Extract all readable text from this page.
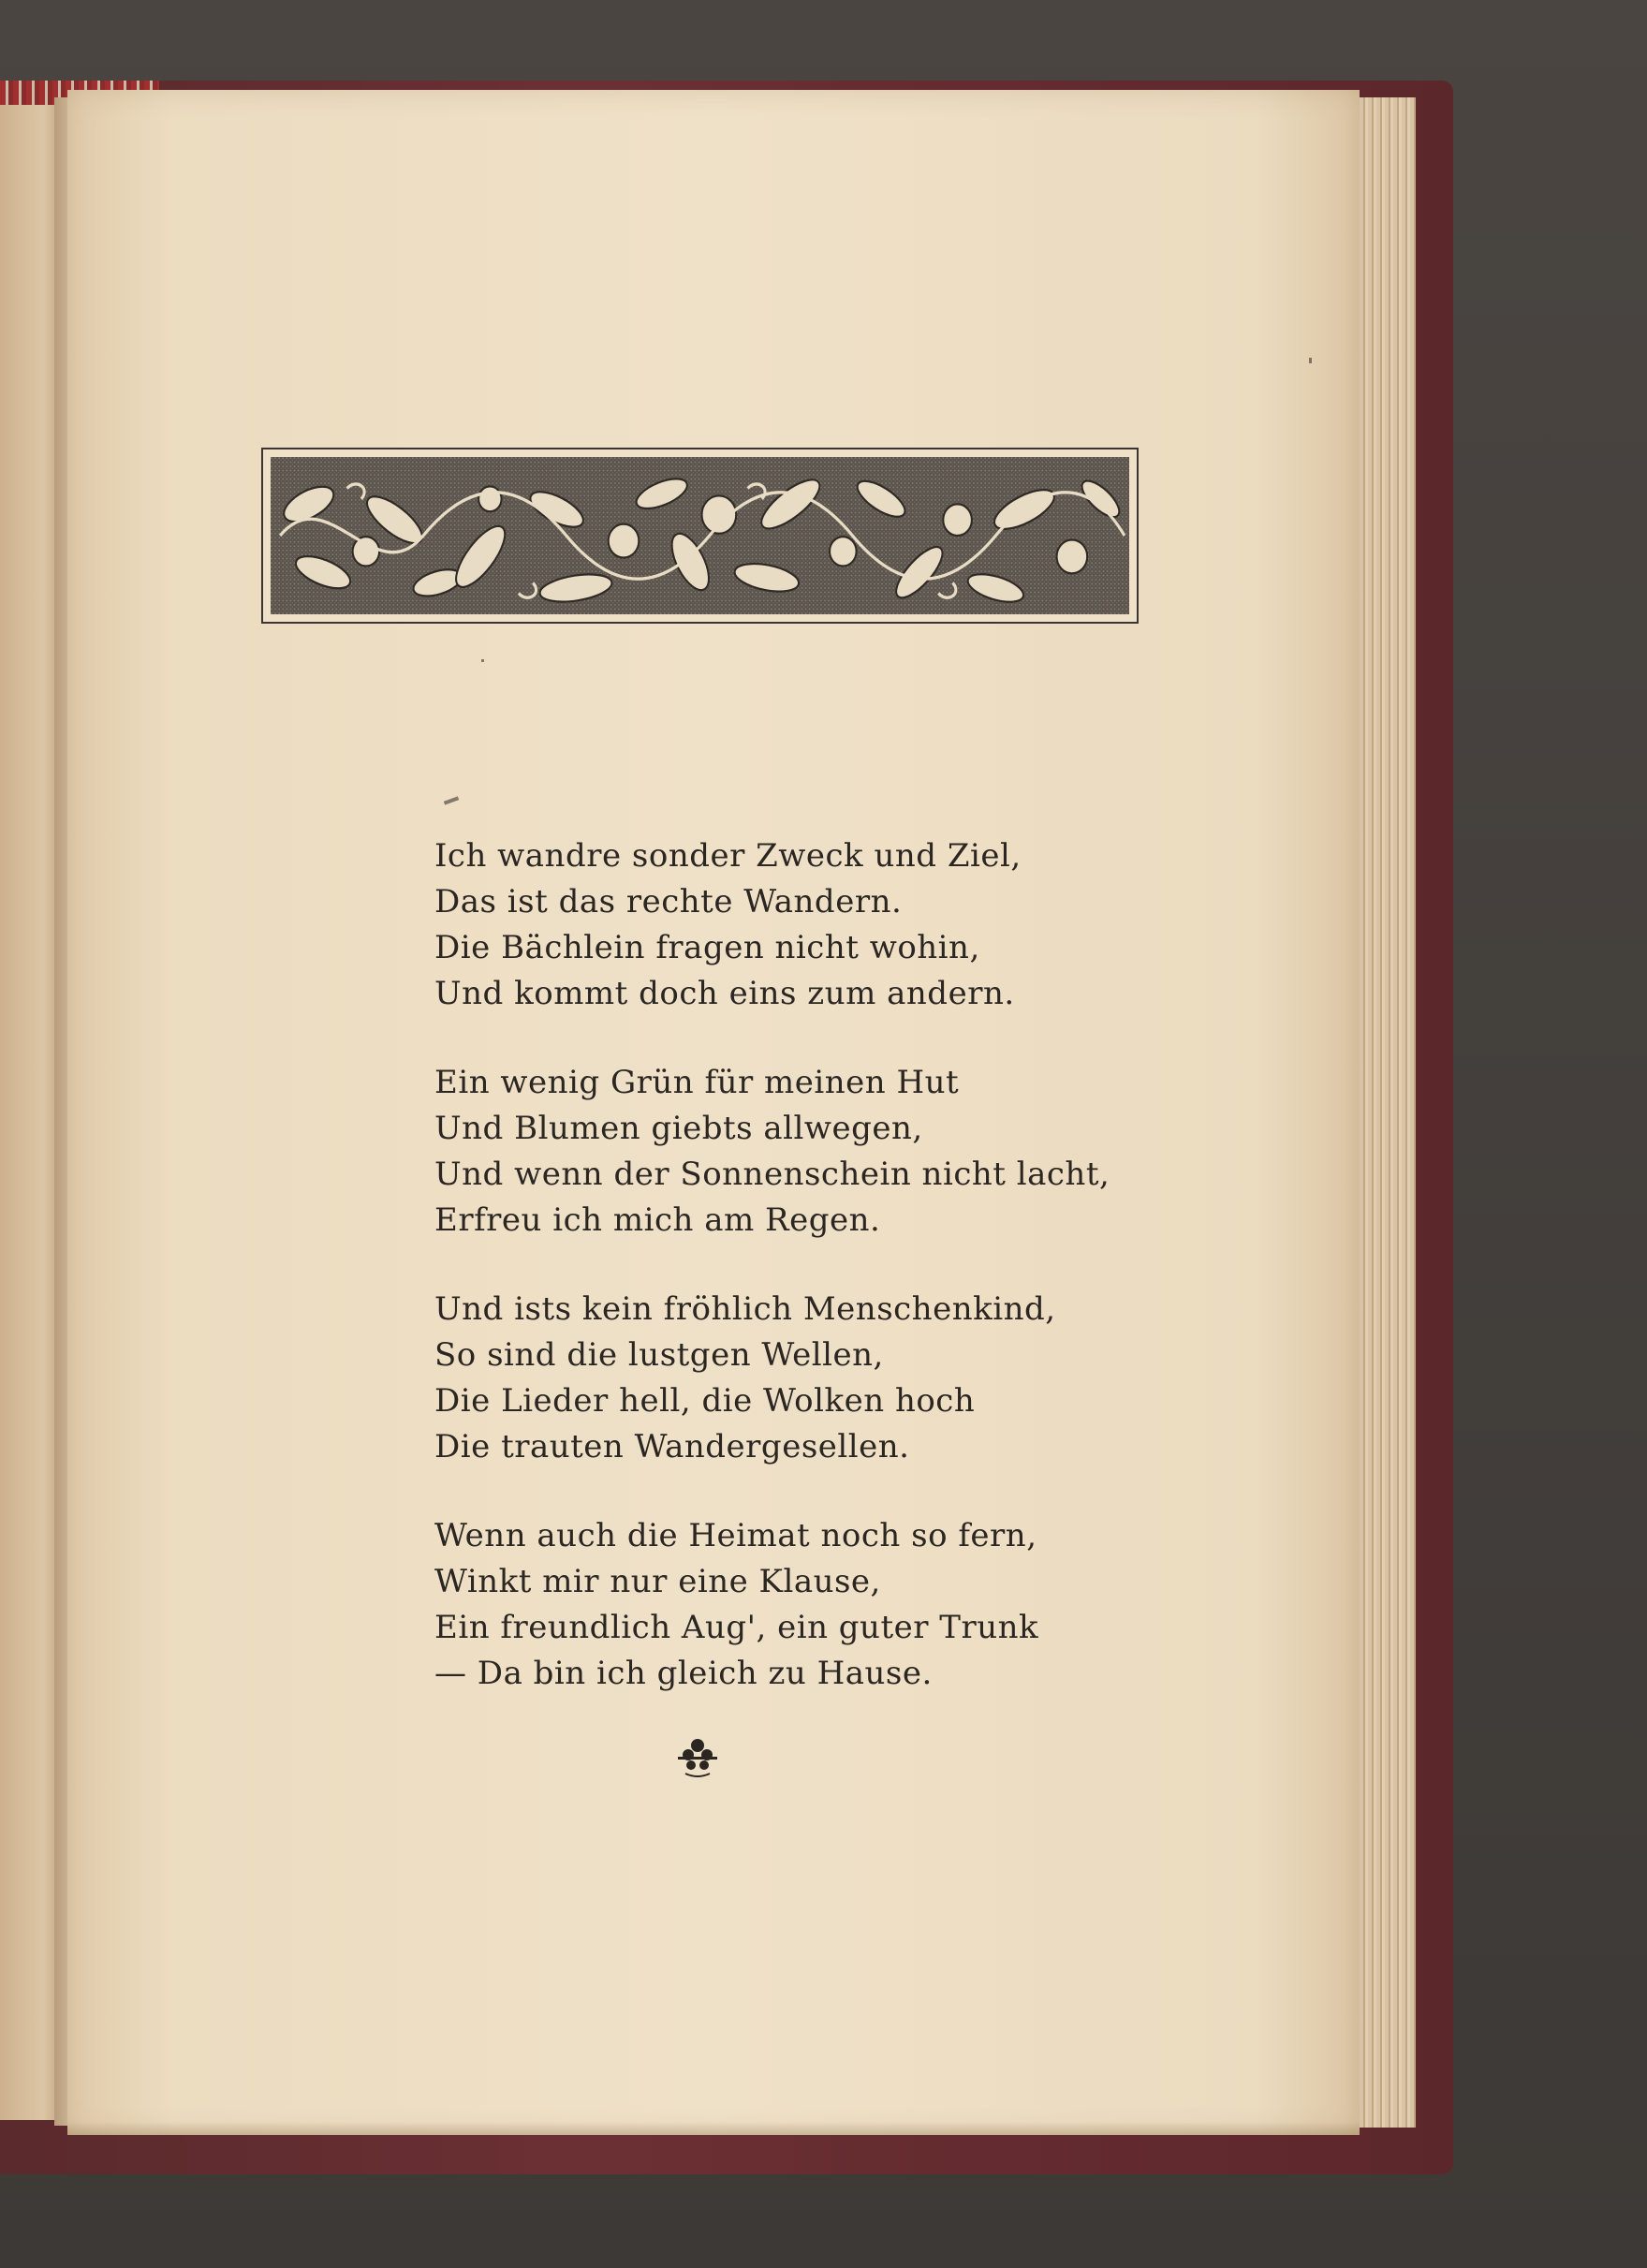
Ich wandre sonder Zweck und Ziel,
Das ist das rechte Wandern.
Die Bächlein fragen nicht wohin,
Und kommt doch eins zum andern.
Ein wenig Grün für meinen Hut
Und Blumen giebts allwegen,
Und wenn der Sonnenschein nicht lacht,
Erfreu ich mich am Regen.
Und ists kein fröhlich Menschenkind,
So sind die lustgen Wellen,
Die Lieder hell, die Wolken hoch
Die trauten Wandergesellen.
Wenn auch die Heimat noch so fern,
Winkt mir nur eine Klause,
Ein freundlich Aug', ein guter Trunk
— Da bin ich gleich zu Hause.
